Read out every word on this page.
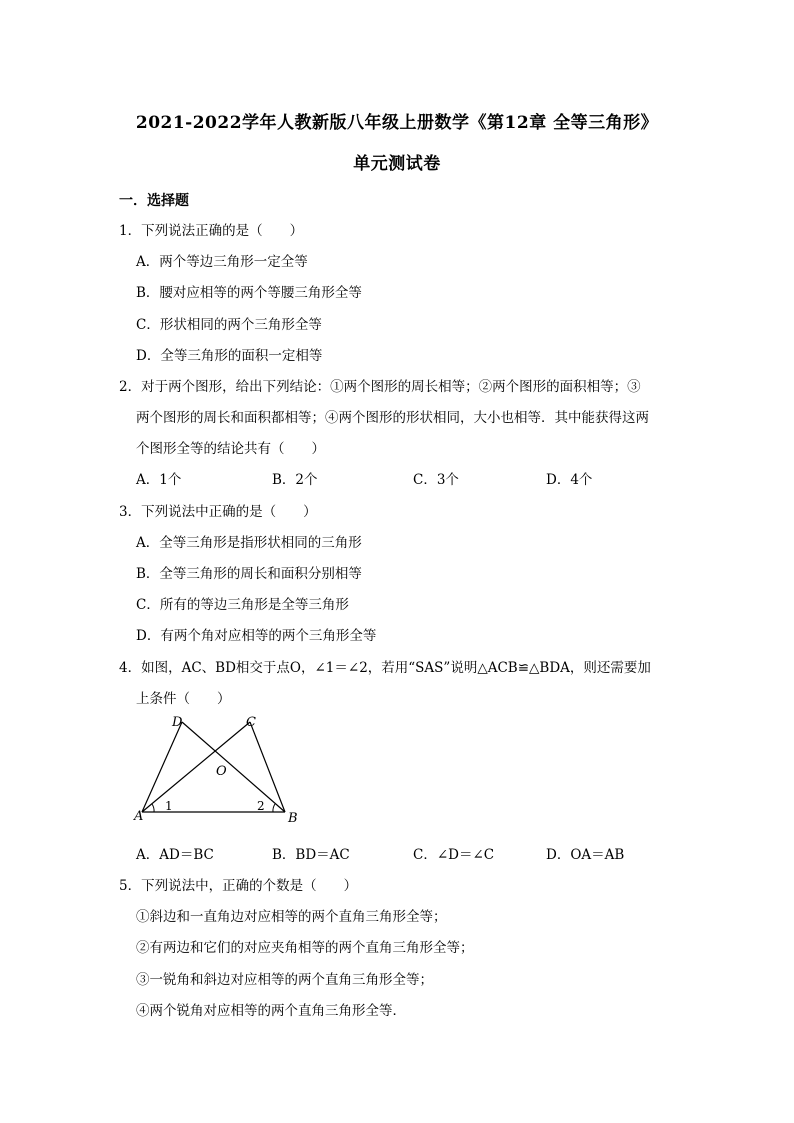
2021-2022学年人教新版八年级上册数学《第12章 全等三角形》
单元测试卷
一．选择题
1．下列说法正确的是（　　）
A．两个等边三角形一定全等
B．腰对应相等的两个等腰三角形全等
C．形状相同的两个三角形全等
D．全等三角形的面积一定相等
2．对于两个图形，给出下列结论：①两个图形的周长相等；②两个图形的面积相等；③
两个图形的周长和面积都相等；④两个图形的形状相同，大小也相等．其中能获得这两
个图形全等的结论共有（　　）
A．1个	B．2个	C．3个	D．4个
3．下列说法中正确的是（　　）
A．全等三角形是指形状相同的三角形
B．全等三角形的周长和面积分别相等
C．所有的等边三角形是全等三角形
D．有两个角对应相等的两个三角形全等
4．如图，AC、BD相交于点O，∠1＝∠2，若用“SAS”说明△ACB≌△BDA，则还需要加
上条件（　　）
D	C
O
A	B
1	2
A．AD＝BC	B．BD＝AC	C．∠D＝∠C	D．OA＝AB
5．下列说法中，正确的个数是（　　）
①斜边和一直角边对应相等的两个直角三角形全等；
②有两边和它们的对应夹角相等的两个直角三角形全等；
③一锐角和斜边对应相等的两个直角三角形全等；
④两个锐角对应相等的两个直角三角形全等．
